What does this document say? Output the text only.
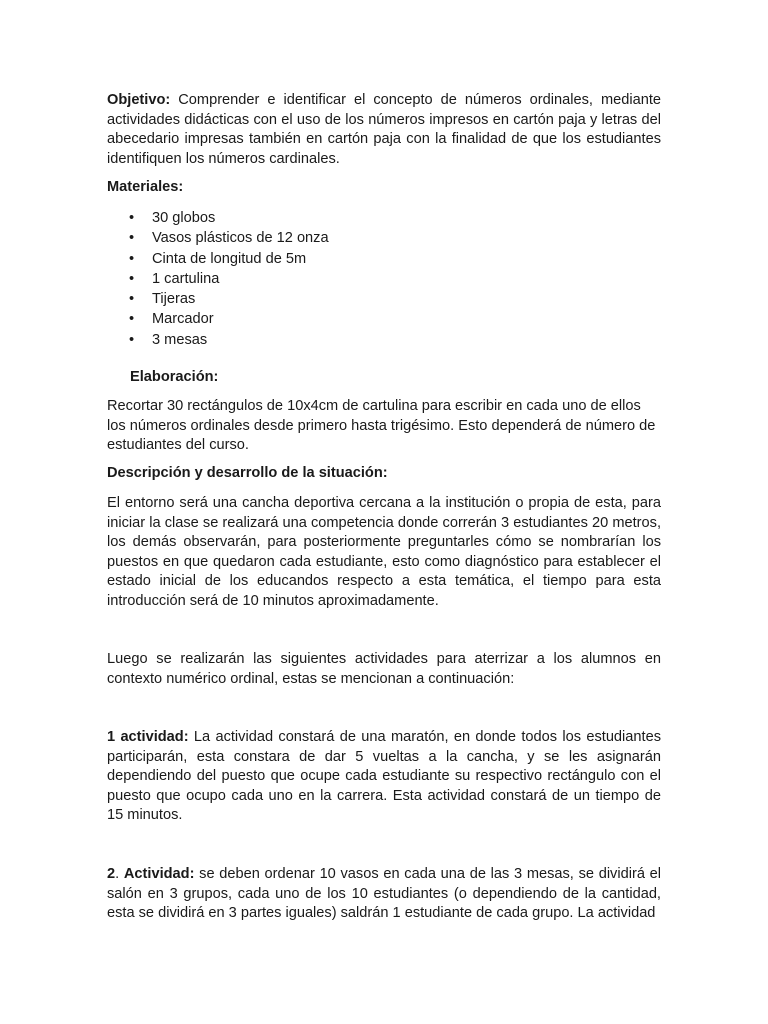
Objetivo: Comprender e identificar el concepto de números ordinales, mediante actividades didácticas con el uso de los números impresos en cartón paja y letras del abecedario impresas también en cartón paja con la finalidad de que los estudiantes identifiquen los números cardinales.

Materiales:

• 30 globos
• Vasos plásticos de 12 onza
• Cinta de longitud de 5m
• 1 cartulina
• Tijeras
• Marcador
• 3 mesas

Elaboración:

Recortar 30 rectángulos de 10x4cm de cartulina para escribir en cada uno de ellos los números ordinales desde primero hasta trigésimo. Esto dependerá de número de estudiantes del curso.

Descripción y desarrollo de la situación:

El entorno será una cancha deportiva cercana a la institución o propia de esta, para iniciar la clase se realizará una competencia donde correrán 3 estudiantes 20 metros, los demás observarán, para posteriormente preguntarles cómo se nombrarían los puestos en que quedaron cada estudiante, esto como diagnóstico para establecer el estado inicial de los educandos respecto a esta temática, el tiempo para esta introducción será de 10 minutos aproximadamente.

Luego se realizarán las siguientes actividades para aterrizar a los alumnos en contexto numérico ordinal, estas se mencionan a continuación:

1 actividad: La actividad constará de una maratón, en donde todos los estudiantes participarán, esta constara de dar 5 vueltas a la cancha, y se les asignarán dependiendo del puesto que ocupe cada estudiante su respectivo rectángulo con el puesto que ocupo cada uno en la carrera. Esta actividad constará de un tiempo de 15 minutos.

2. Actividad: se deben ordenar 10 vasos en cada una de las 3 mesas, se dividirá el salón en 3 grupos, cada uno de los 10 estudiantes (o dependiendo de la cantidad, esta se dividirá en 3 partes iguales) saldrán 1 estudiante de cada grupo. La actividad
